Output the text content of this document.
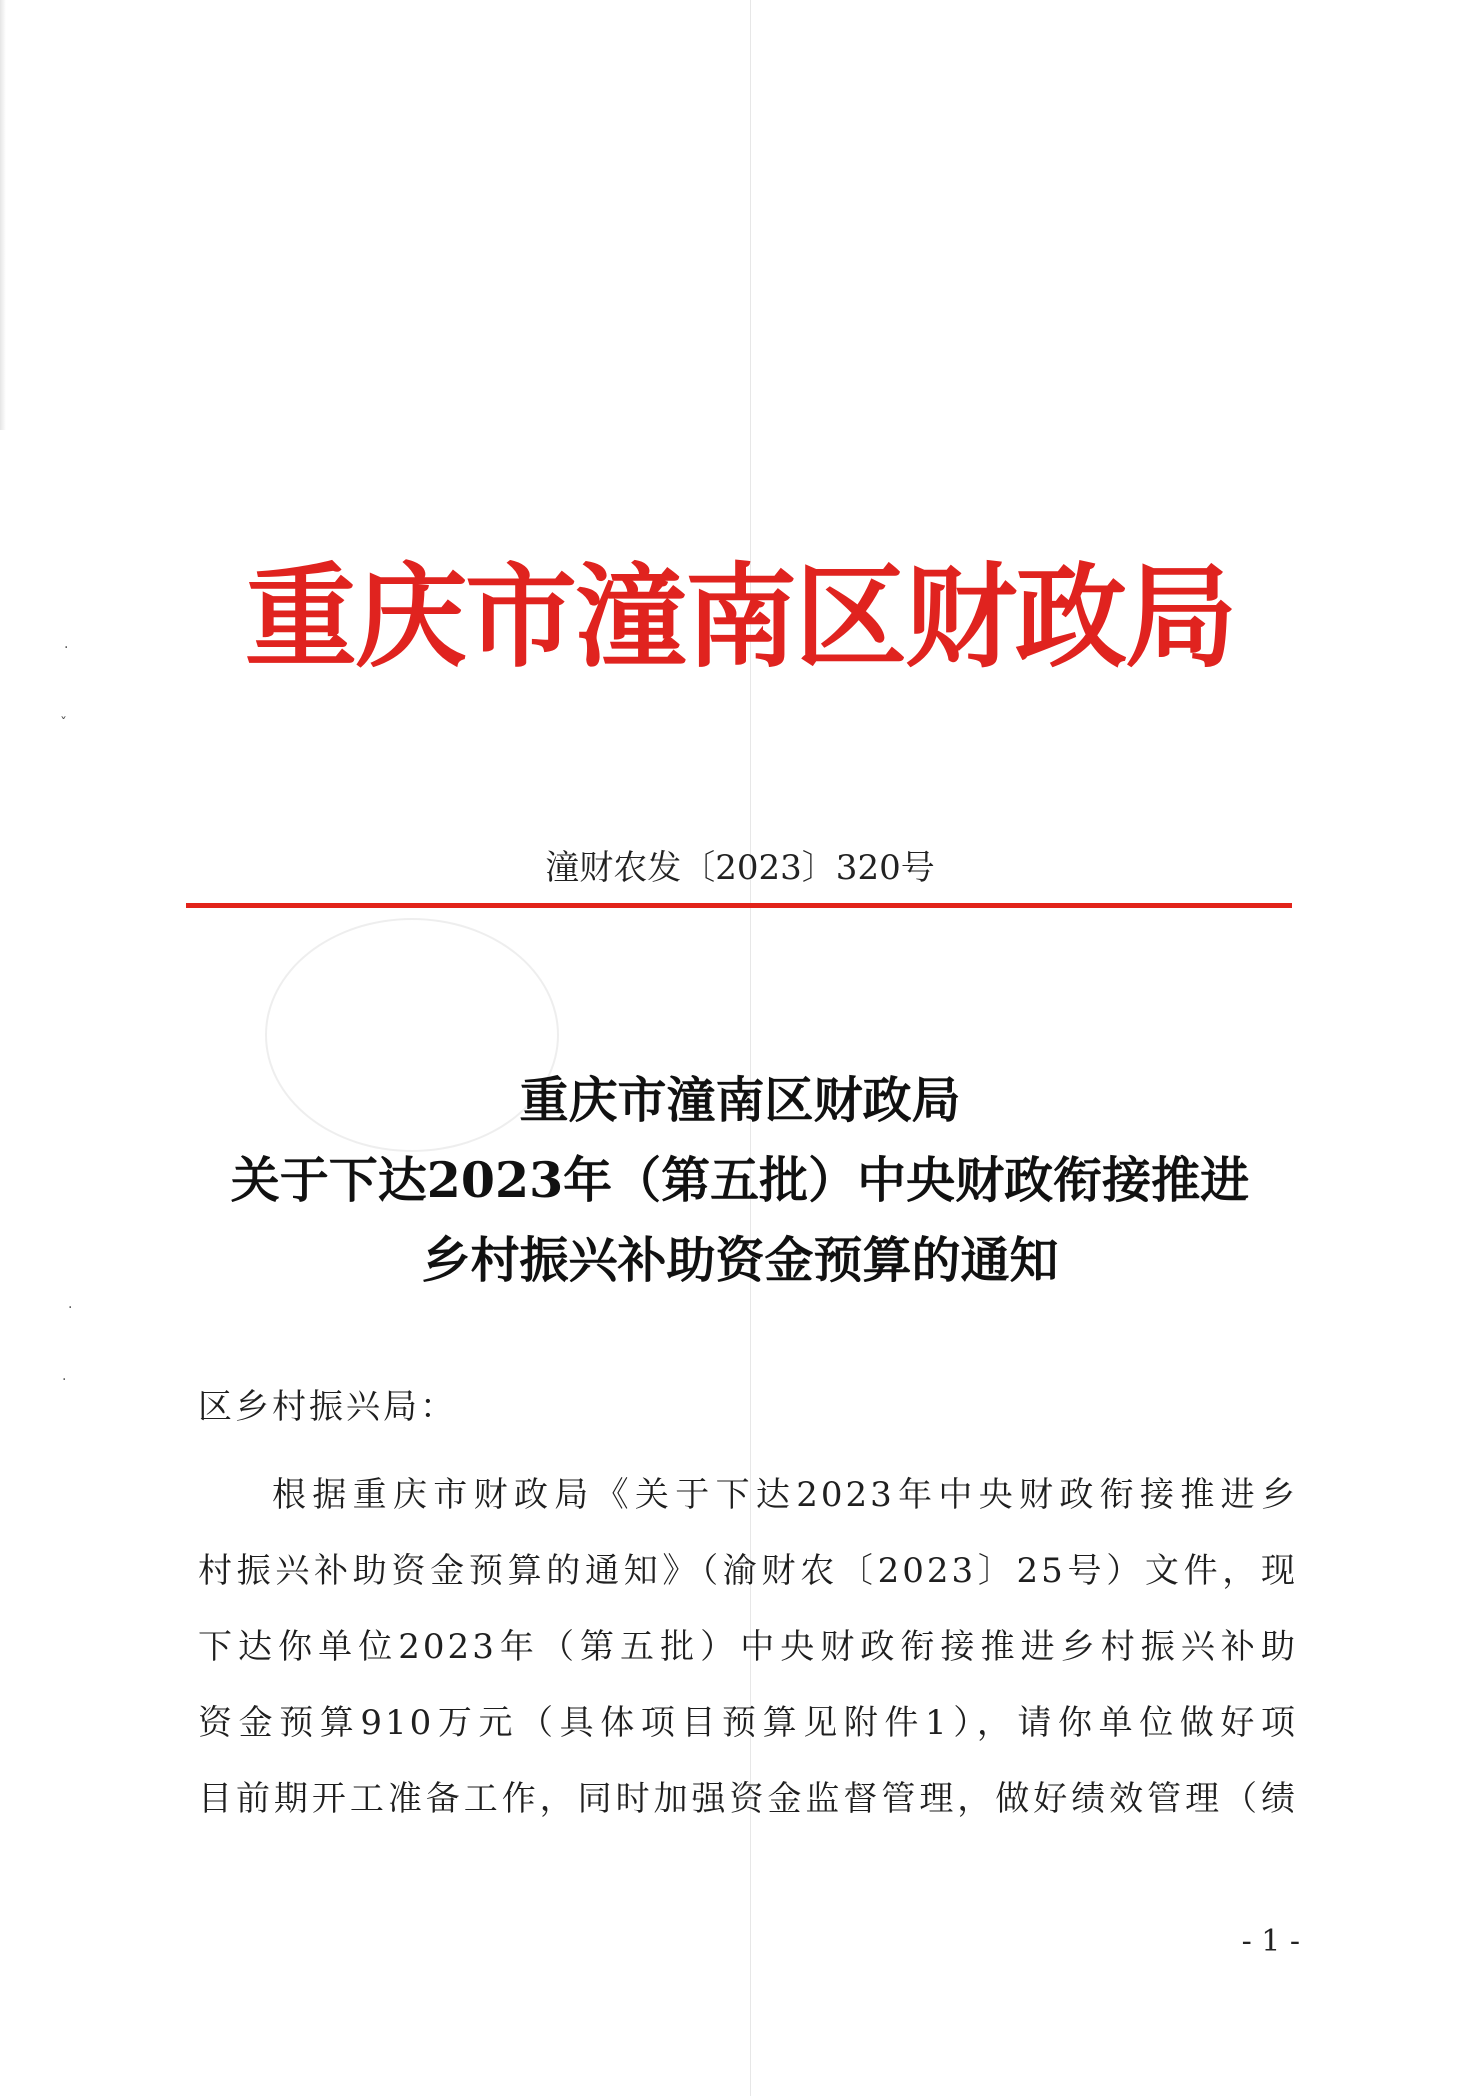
·
ˇ
·
·
重庆市潼南区财政局
潼财农发〔2023〕320号
重庆市潼南区财政局
关于下达2023年（第五批）中央财政衔接推进
乡村振兴补助资金预算的通知
区乡村振兴局：
根据重庆市财政局《关于下达2023年中央财政衔接推进乡
村振兴补助资金预算的通知》（渝财农〔2023〕25号）文件，现
下达你单位2023年（第五批）中央财政衔接推进乡村振兴补助
资金预算910万元（具体项目预算见附件1），请你单位做好项
目前期开工准备工作，同时加强资金监督管理，做好绩效管理（绩
- 1 -
